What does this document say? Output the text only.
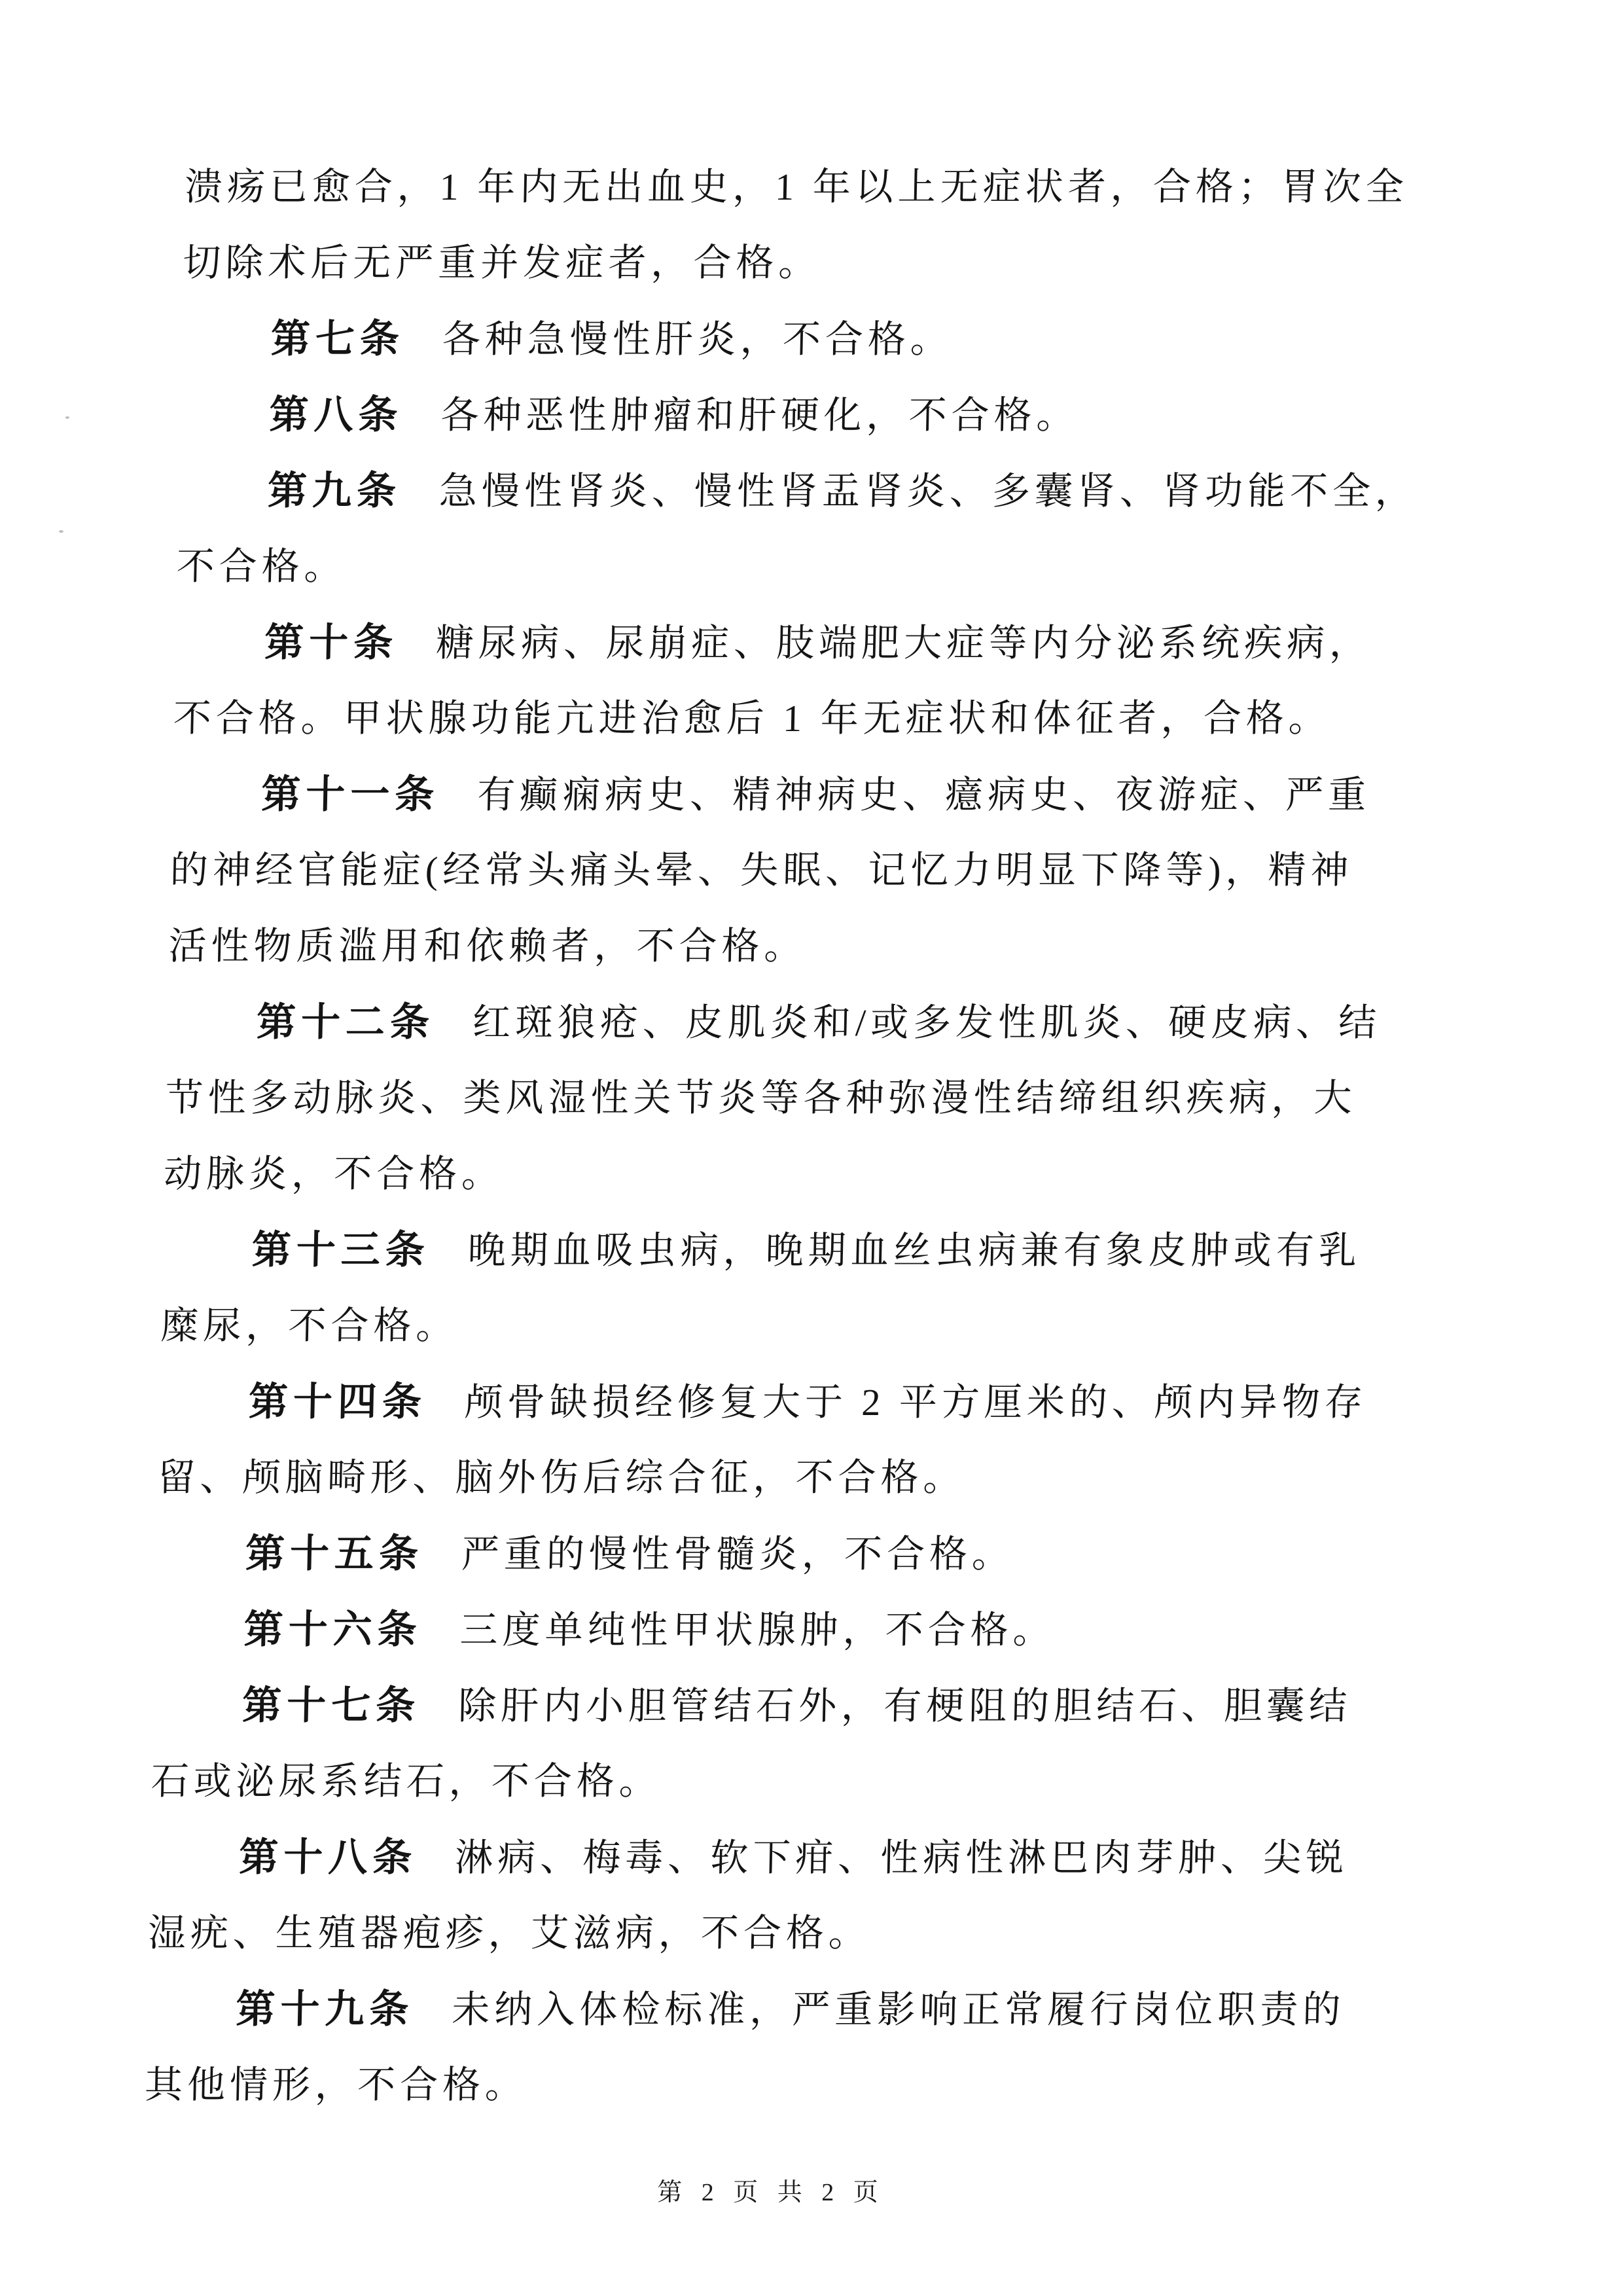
溃疡已愈合，1 年内无出血史，1 年以上无症状者，合格；胃次全
切除术后无严重并发症者，合格。
第七条 各种急慢性肝炎，不合格。
第八条 各种恶性肿瘤和肝硬化，不合格。
第九条 急慢性肾炎、慢性肾盂肾炎、多囊肾、肾功能不全，
不合格。
第十条 糖尿病、尿崩症、肢端肥大症等内分泌系统疾病，
不合格。甲状腺功能亢进治愈后 1 年无症状和体征者，合格。
第十一条 有癫痫病史、精神病史、癔病史、夜游症、严重
的神经官能症(经常头痛头晕、失眠、记忆力明显下降等)，精神
活性物质滥用和依赖者，不合格。
第十二条 红斑狼疮、皮肌炎和/或多发性肌炎、硬皮病、结
节性多动脉炎、类风湿性关节炎等各种弥漫性结缔组织疾病，大
动脉炎，不合格。
第十三条 晚期血吸虫病，晚期血丝虫病兼有象皮肿或有乳
糜尿，不合格。
第十四条 颅骨缺损经修复大于 2 平方厘米的、颅内异物存
留、颅脑畸形、脑外伤后综合征，不合格。
第十五条 严重的慢性骨髓炎，不合格。
第十六条 三度单纯性甲状腺肿，不合格。
第十七条 除肝内小胆管结石外，有梗阻的胆结石、胆囊结
石或泌尿系结石，不合格。
第十八条 淋病、梅毒、软下疳、性病性淋巴肉芽肿、尖锐
湿疣、生殖器疱疹，艾滋病，不合格。
第十九条 未纳入体检标准，严重影响正常履行岗位职责的
其他情形，不合格。
第 2 页 共 2 页
